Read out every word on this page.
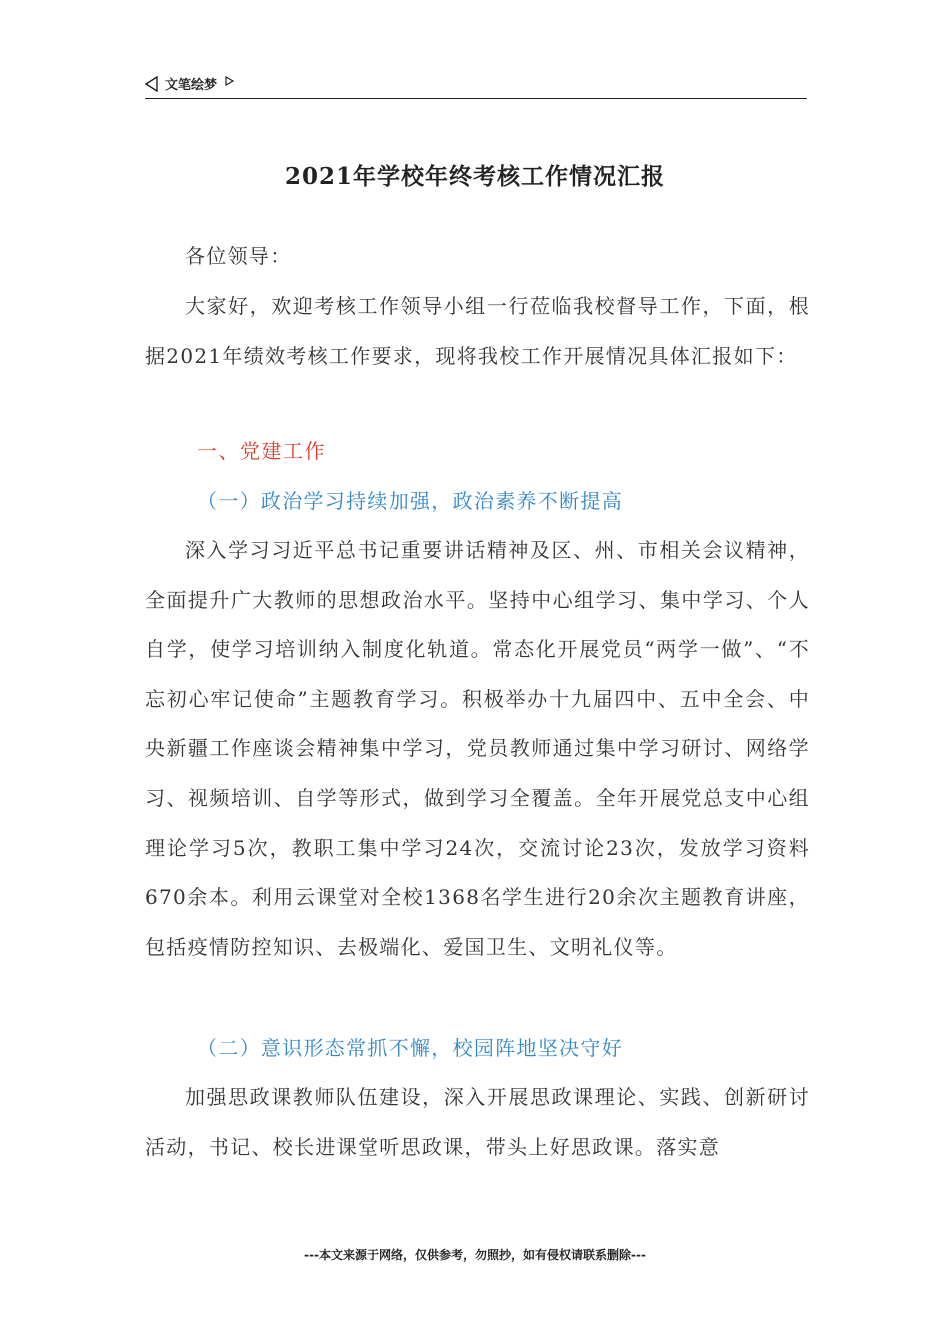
文笔绘梦
2021年学校年终考核工作情况汇报
各位领导：
大家好，欢迎考核工作领导小组一行莅临我校督导工作，下面，根据2021年绩效考核工作要求，现将我校工作开展情况具体汇报如下：
一、党建工作
（一）政治学习持续加强，政治素养不断提高
深入学习习近平总书记重要讲话精神及区、州、市相关会议精神，全面提升广大教师的思想政治水平。坚持中心组学习、集中学习、个人自学，使学习培训纳入制度化轨道。常态化开展党员“两学一做”、“不忘初心牢记使命”主题教育学习。积极举办十九届四中、五中全会、中央新疆工作座谈会精神集中学习，党员教师通过集中学习研讨、网络学习、视频培训、自学等形式，做到学习全覆盖。全年开展党总支中心组理论学习5次，教职工集中学习24次，交流讨论23次，发放学习资料670余本。利用云课堂对全校1368名学生进行20余次主题教育讲座，包括疫情防控知识、去极端化、爱国卫生、文明礼仪等。
（二）意识形态常抓不懈，校园阵地坚决守好
加强思政课教师队伍建设，深入开展思政课理论、实践、创新研讨活动，书记、校长进课堂听思政课，带头上好思政课。落实意
---本文来源于网络，仅供参考，勿照抄，如有侵权请联系删除---
